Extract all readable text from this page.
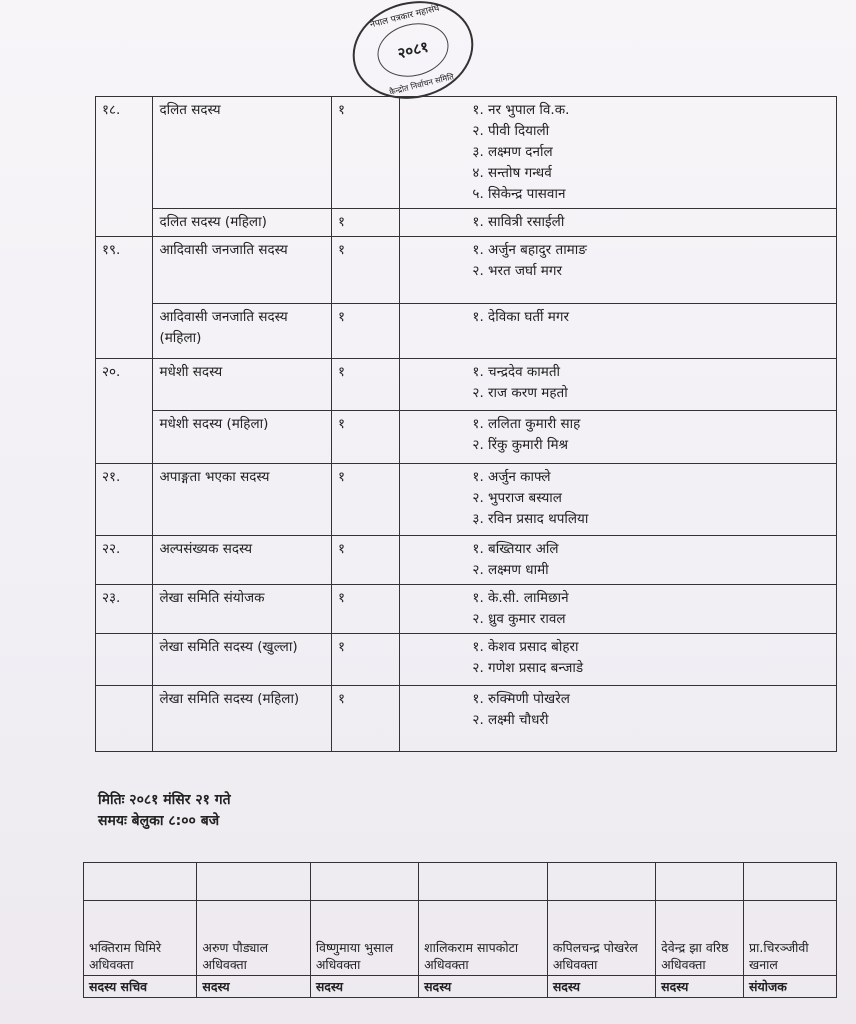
नेपाल पत्रकार महासंघ
२०८१
कैन्द्रोत निर्वाचन समिति
१८.	दलित सदस्य	१	१. नर भुपाल वि.क.
२. पीवी दियाली
३. लक्ष्मण दर्नाल
४. सन्तोष गन्धर्व
५. सिकेन्द्र पासवान

	दलित सदस्य (महिला)	१	१. सावित्री रसाईली

१९.	आदिवासी जनजाति सदस्य	१	१. अर्जुन बहादुर तामाङ
२. भरत जर्घा मगर

	आदिवासी जनजाति सदस्य (महिला)	१	१. देविका घर्ती मगर

२०.	मधेशी सदस्य	१	१. चन्द्रदेव कामती
२. राज करण महतो

	मधेशी सदस्य (महिला)	१	१. ललिता कुमारी साह
२. रिंकु कुमारी मिश्र

२१.	अपाङ्गता भएका सदस्य	१	१. अर्जुन काफ्ले
२. भुपराज बस्याल
३. रविन प्रसाद थपलिया

२२.	अल्पसंख्यक सदस्य	१	१. बख्तियार अलि
२. लक्ष्मण धामी

२३.	लेखा समिति संयोजक	१	१. के.सी. लामिछाने
२. ध्रुव कुमार रावल

	लेखा समिति सदस्य (खुल्ला)	१	१. केशव प्रसाद बोहरा
२. गणेश प्रसाद बन्जाडे

	लेखा समिति सदस्य (महिला)	१	१. रुक्मिणी पोखरेल
२. लक्ष्मी चौधरी
मितिः २०८१ मंसिर २१ गते
समयः बेलुका ८:०० बजे

भक्तिराम घिमिरे अधिवक्ता	अरुण पौड्याल अधिवक्ता	विष्णुमाया भुसाल अधिवक्ता	शालिकराम सापकोटा अधिवक्ता	कपिलचन्द्र पोखरेल अधिवक्ता	देवेन्द्र झा वरिष्ठ अधिवक्ता	प्रा.चिरञ्जीवी खनाल
सदस्य सचिव	सदस्य	सदस्य	सदस्य	सदस्य	सदस्य	संयोजक
